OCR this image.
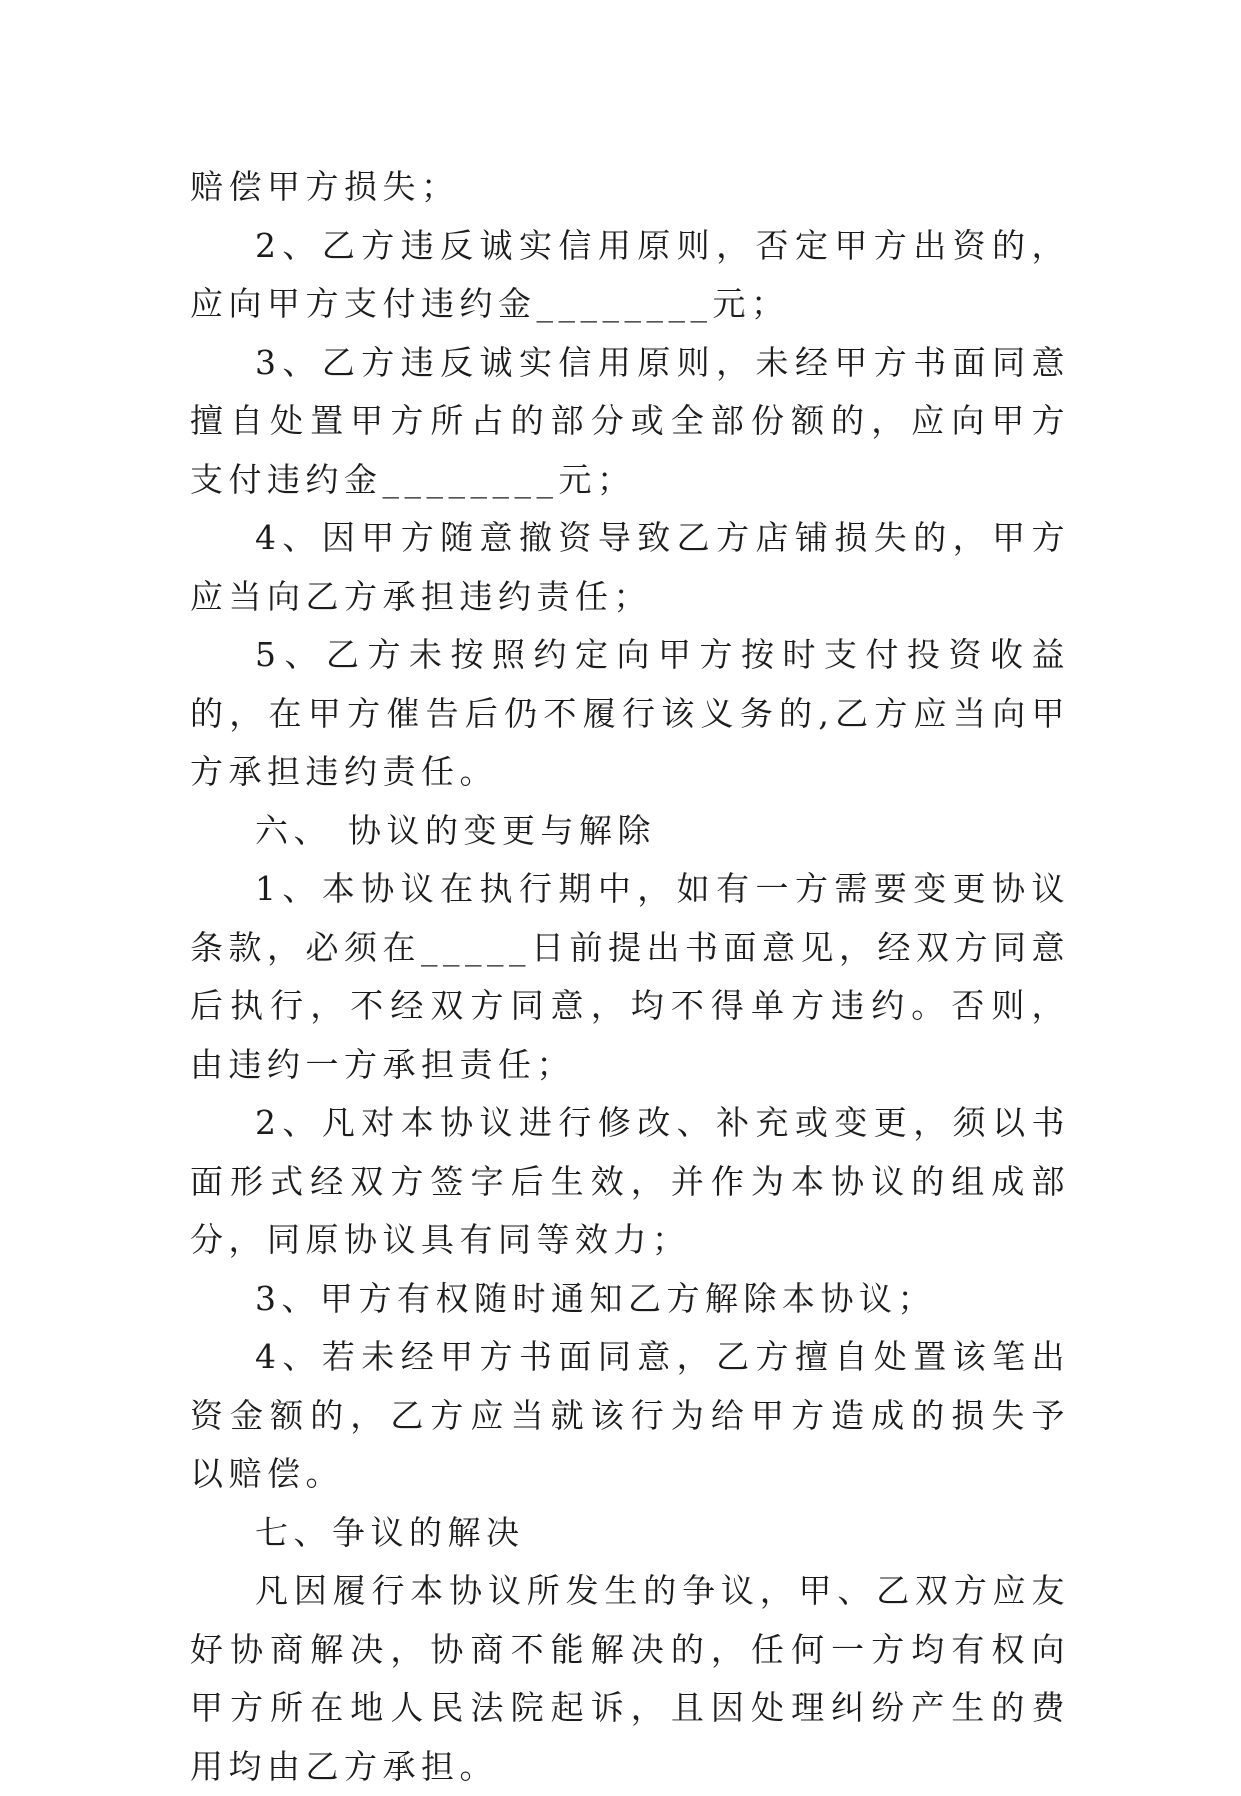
赔偿甲方损失；

2、乙方违反诚实信用原则，否定甲方出资的，应向甲方支付违约金________元；

3、乙方违反诚实信用原则，未经甲方书面同意擅自处置甲方所占的部分或全部份额的，应向甲方支付违约金________元；

4、因甲方随意撤资导致乙方店铺损失的，甲方应当向乙方承担违约责任；

5、乙方未按照约定向甲方按时支付投资收益的，在甲方催告后仍不履行该义务的,乙方应当向甲方承担违约责任。

六、 协议的变更与解除

1、本协议在执行期中，如有一方需要变更协议条款，必须在_____日前提出书面意见，经双方同意后执行，不经双方同意，均不得单方违约。否则，由违约一方承担责任；

2、凡对本协议进行修改、补充或变更，须以书面形式经双方签字后生效，并作为本协议的组成部分，同原协议具有同等效力；

3、甲方有权随时通知乙方解除本协议；

4、若未经甲方书面同意，乙方擅自处置该笔出资金额的，乙方应当就该行为给甲方造成的损失予以赔偿。

七、争议的解决

凡因履行本协议所发生的争议，甲、乙双方应友好协商解决，协商不能解决的，任何一方均有权向甲方所在地人民法院起诉，且因处理纠纷产生的费用均由乙方承担。
